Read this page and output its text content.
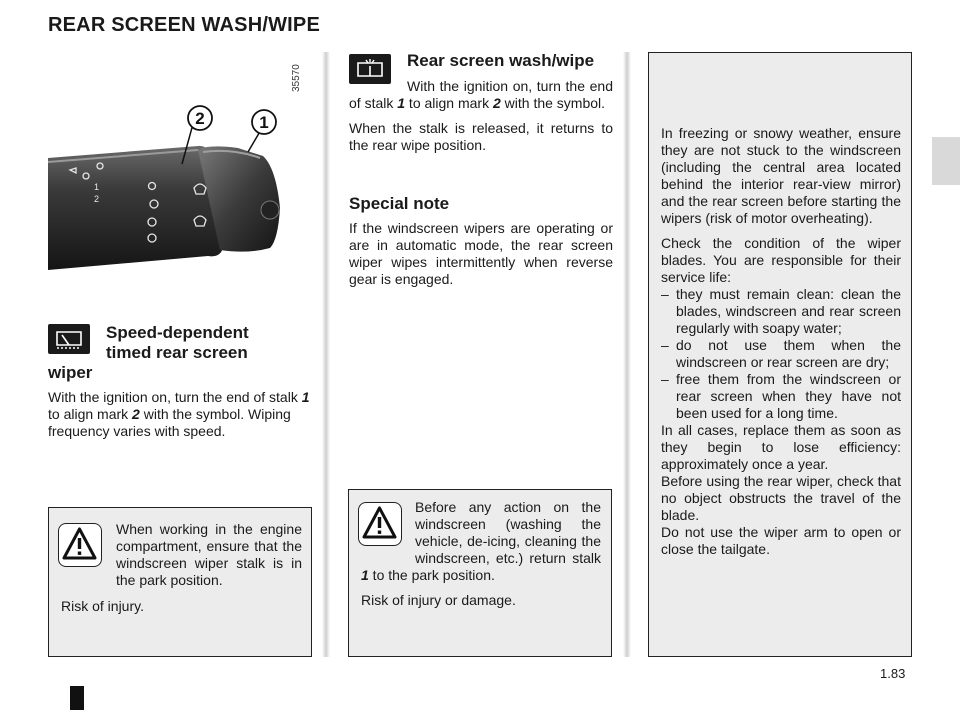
REAR SCREEN WASH/WIPE
35570
1
2
2	1
Speed-dependent
timed rear screen
wiper

With the ignition on, turn the end of stalk 1 to align mark 2 with the symbol. Wiping frequency varies with speed.

When working in the engine compartment, ensure that the windscreen wiper stalk is in the park position.
Risk of injury.
Rear screen wash/wipe

With the ignition on, turn the end of stalk 1 to align mark 2 with the symbol.

When the stalk is released, it returns to the rear wipe position.

Special note
If the windscreen wipers are operating or are in automatic mode, the rear screen wiper wipes intermittently when reverse gear is engaged.

Before any action on the windscreen (washing the vehicle, de-icing, cleaning the windscreen, etc.) return stalk 1 to the park position.

Risk of injury or damage.

In freezing or snowy weather, ensure they are not stuck to the windscreen (including the central area located behind the interior rear-view mirror) and the rear screen before starting the wipers (risk of motor overheating).

Check the condition of the wiper blades. You are responsible for their service life:

– they must remain clean: clean the blades, windscreen and rear screen regularly with soapy water;
– do not use them when the windscreen or rear screen are dry;
– free them from the windscreen or rear screen when they have not been used for a long time.

In all cases, replace them as soon as they begin to lose efficiency: approximately once a year.

Before using the rear wiper, check that no object obstructs the travel of the blade.

Do not use the wiper arm to open or close the tailgate.

1.83
